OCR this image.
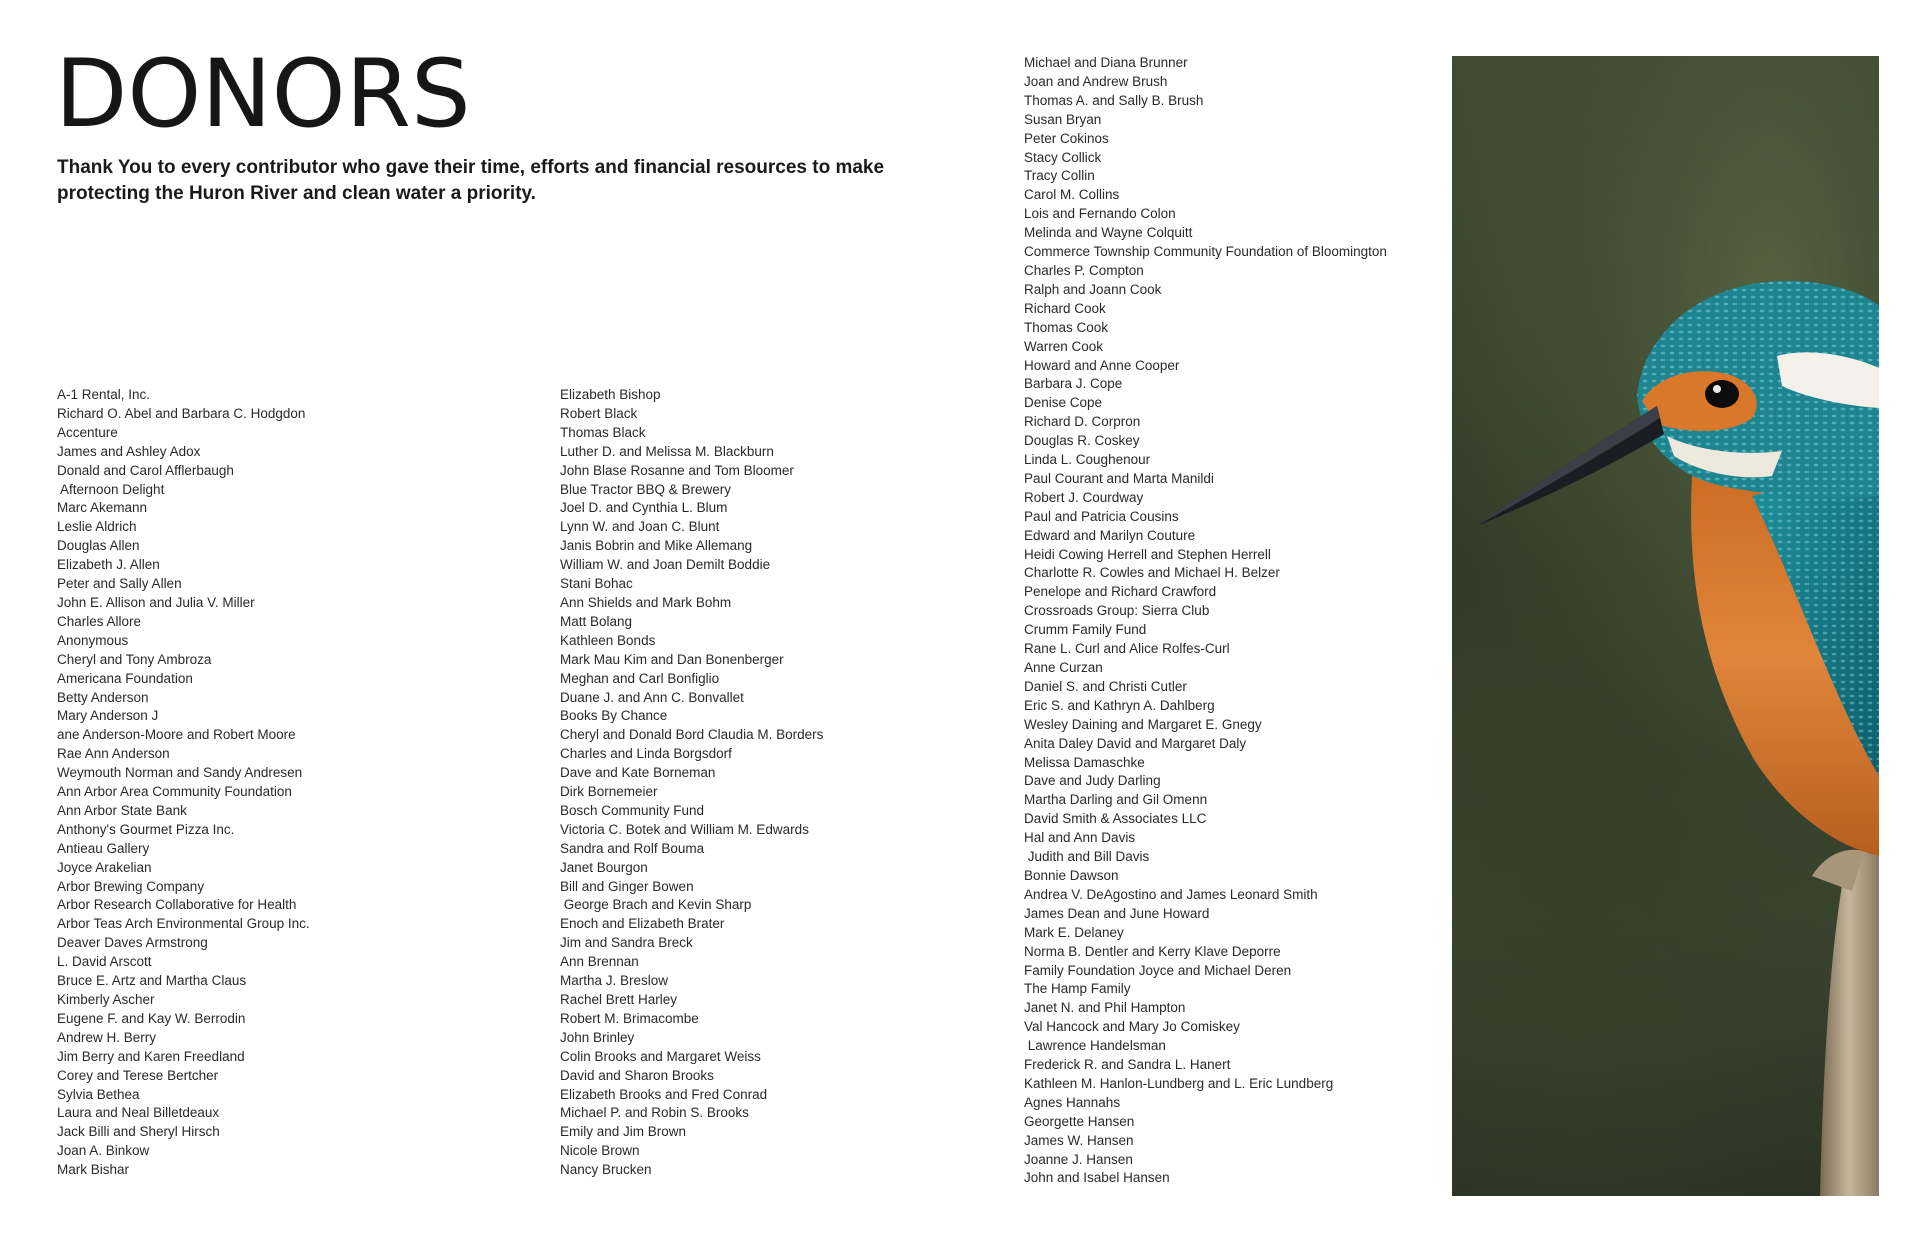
DONORS

Thank You to every contributor who gave their time, efforts and financial resources to make protecting the Huron River and clean water a priority.

A-1 Rental, Inc.
Richard O. Abel and Barbara C. Hodgdon
Accenture
James and Ashley Adox
Donald and Carol Afflerbaugh
Afternoon Delight
Marc Akemann
Leslie Aldrich
Douglas Allen
Elizabeth J. Allen
Peter and Sally Allen
John E. Allison and Julia V. Miller
Charles Allore
Anonymous
Cheryl and Tony Ambroza
Americana Foundation
Betty Anderson
Mary Anderson J
ane Anderson-Moore and Robert Moore
Rae Ann Anderson
Weymouth Norman and Sandy Andresen
Ann Arbor Area Community Foundation
Ann Arbor State Bank
Anthony's Gourmet Pizza Inc.
Antieau Gallery
Joyce Arakelian
Arbor Brewing Company
Arbor Research Collaborative for Health
Arbor Teas Arch Environmental Group Inc.
Deaver Daves Armstrong
L. David Arscott
Bruce E. Artz and Martha Claus
Kimberly Ascher
Eugene F. and Kay W. Berrodin
Andrew H. Berry
Jim Berry and Karen Freedland
Corey and Terese Bertcher
Sylvia Bethea
Laura and Neal Billetdeaux
Jack Billi and Sheryl Hirsch
Joan A. Binkow
Mark Bishar
Elizabeth Bishop
Robert Black
Thomas Black
Luther D. and Melissa M. Blackburn
John Blase Rosanne and Tom Bloomer
Blue Tractor BBQ & Brewery
Joel D. and Cynthia L. Blum
Lynn W. and Joan C. Blunt
Janis Bobrin and Mike Allemang
William W. and Joan Demilt Boddie
Stani Bohac
Ann Shields and Mark Bohm
Matt Bolang
Kathleen Bonds
Mark Mau Kim and Dan Bonenberger
Meghan and Carl Bonfiglio
Duane J. and Ann C. Bonvallet
Books By Chance
Cheryl and Donald Bord Claudia M. Borders
Charles and Linda Borgsdorf
Dave and Kate Borneman
Dirk Bornemeier
Bosch Community Fund
Victoria C. Botek and William M. Edwards
Sandra and Rolf Bouma
Janet Bourgon
Bill and Ginger Bowen
George Brach and Kevin Sharp
Enoch and Elizabeth Brater
Jim and Sandra Breck
Ann Brennan
Martha J. Breslow
Rachel Brett Harley
Robert M. Brimacombe
John Brinley
Colin Brooks and Margaret Weiss
David and Sharon Brooks
Elizabeth Brooks and Fred Conrad
Michael P. and Robin S. Brooks
Emily and Jim Brown
Nicole Brown
Nancy Brucken
Michael and Diana Brunner
Joan and Andrew Brush
Thomas A. and Sally B. Brush
Susan Bryan
Peter Cokinos
Stacy Collick
Tracy Collin
Carol M. Collins
Lois and Fernando Colon
Melinda and Wayne Colquitt
Commerce Township Community Foundation of Bloomington
Charles P. Compton
Ralph and Joann Cook
Richard Cook
Thomas Cook
Warren Cook
Howard and Anne Cooper
Barbara J. Cope
Denise Cope
Richard D. Corpron
Douglas R. Coskey
Linda L. Coughenour
Paul Courant and Marta Manildi
Robert J. Courdway
Paul and Patricia Cousins
Edward and Marilyn Couture
Heidi Cowing Herrell and Stephen Herrell
Charlotte R. Cowles and Michael H. Belzer
Penelope and Richard Crawford
Crossroads Group: Sierra Club
Crumm Family Fund
Rane L. Curl and Alice Rolfes-Curl
Anne Curzan
Daniel S. and Christi Cutler
Eric S. and Kathryn A. Dahlberg
Wesley Daining and Margaret E. Gnegy
Anita Daley David and Margaret Daly
Melissa Damaschke
Dave and Judy Darling
Martha Darling and Gil Omenn
David Smith & Associates LLC
Hal and Ann Davis
Judith and Bill Davis
Bonnie Dawson
Andrea V. DeAgostino and James Leonard Smith
James Dean and June Howard
Mark E. Delaney
Norma B. Dentler and Kerry Klave Deporre
Family Foundation Joyce and Michael Deren
The Hamp Family
Janet N. and Phil Hampton
Val Hancock and Mary Jo Comiskey
Lawrence Handelsman
Frederick R. and Sandra L. Hanert
Kathleen M. Hanlon-Lundberg and L. Eric Lundberg
Agnes Hannahs
Georgette Hansen
James W. Hansen
Joanne J. Hansen
John and Isabel Hansen
